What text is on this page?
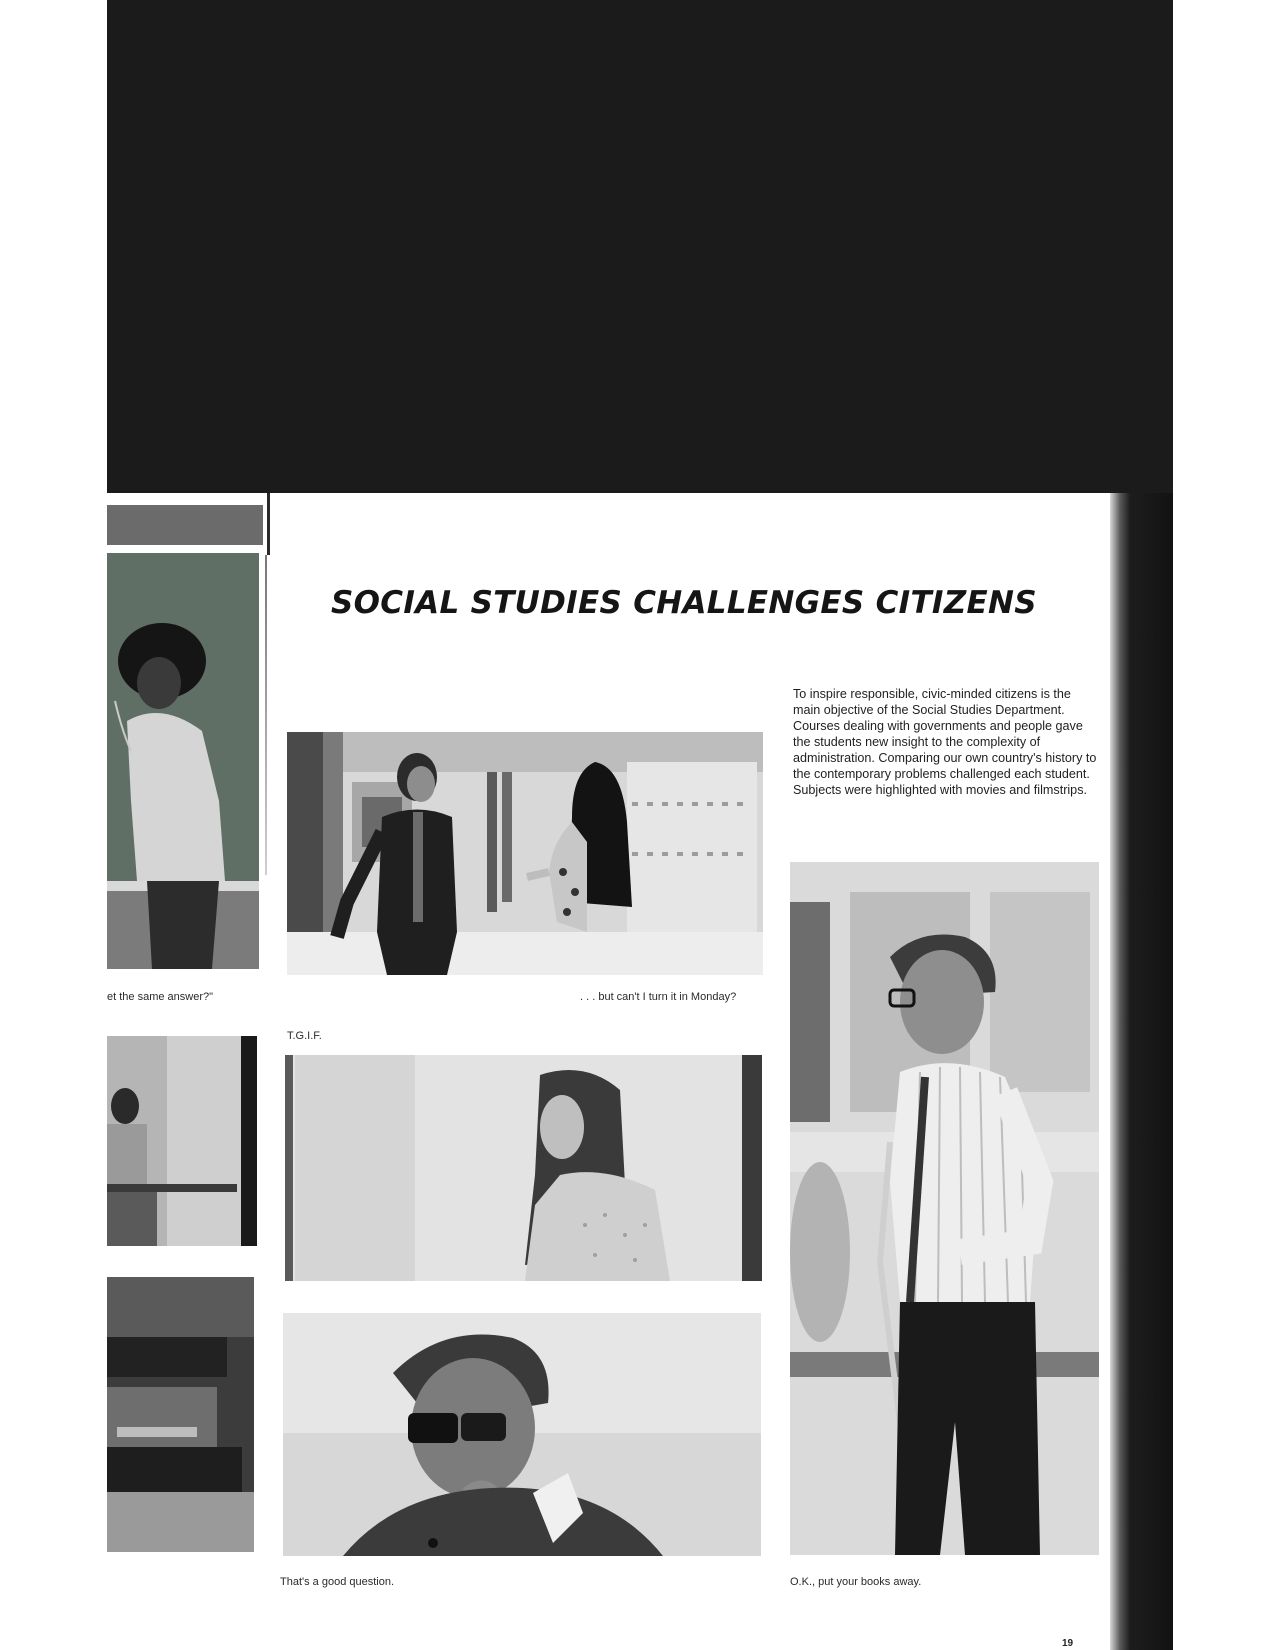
et the same answer?"

SOCIAL STUDIES CHALLENGES CITIZENS

To inspire responsible, civic-minded citizens is the main objective of the Social Studies Department. Courses dealing with governments and people gave the students new insight to the complexity of administration. Comparing our own country's history to the contemporary problems challenged each student. Subjects were highlighted with movies and filmstrips.

. . . but can't I turn it in Monday?

T.G.I.F.

That's a good question.	O.K., put your books away.

19
